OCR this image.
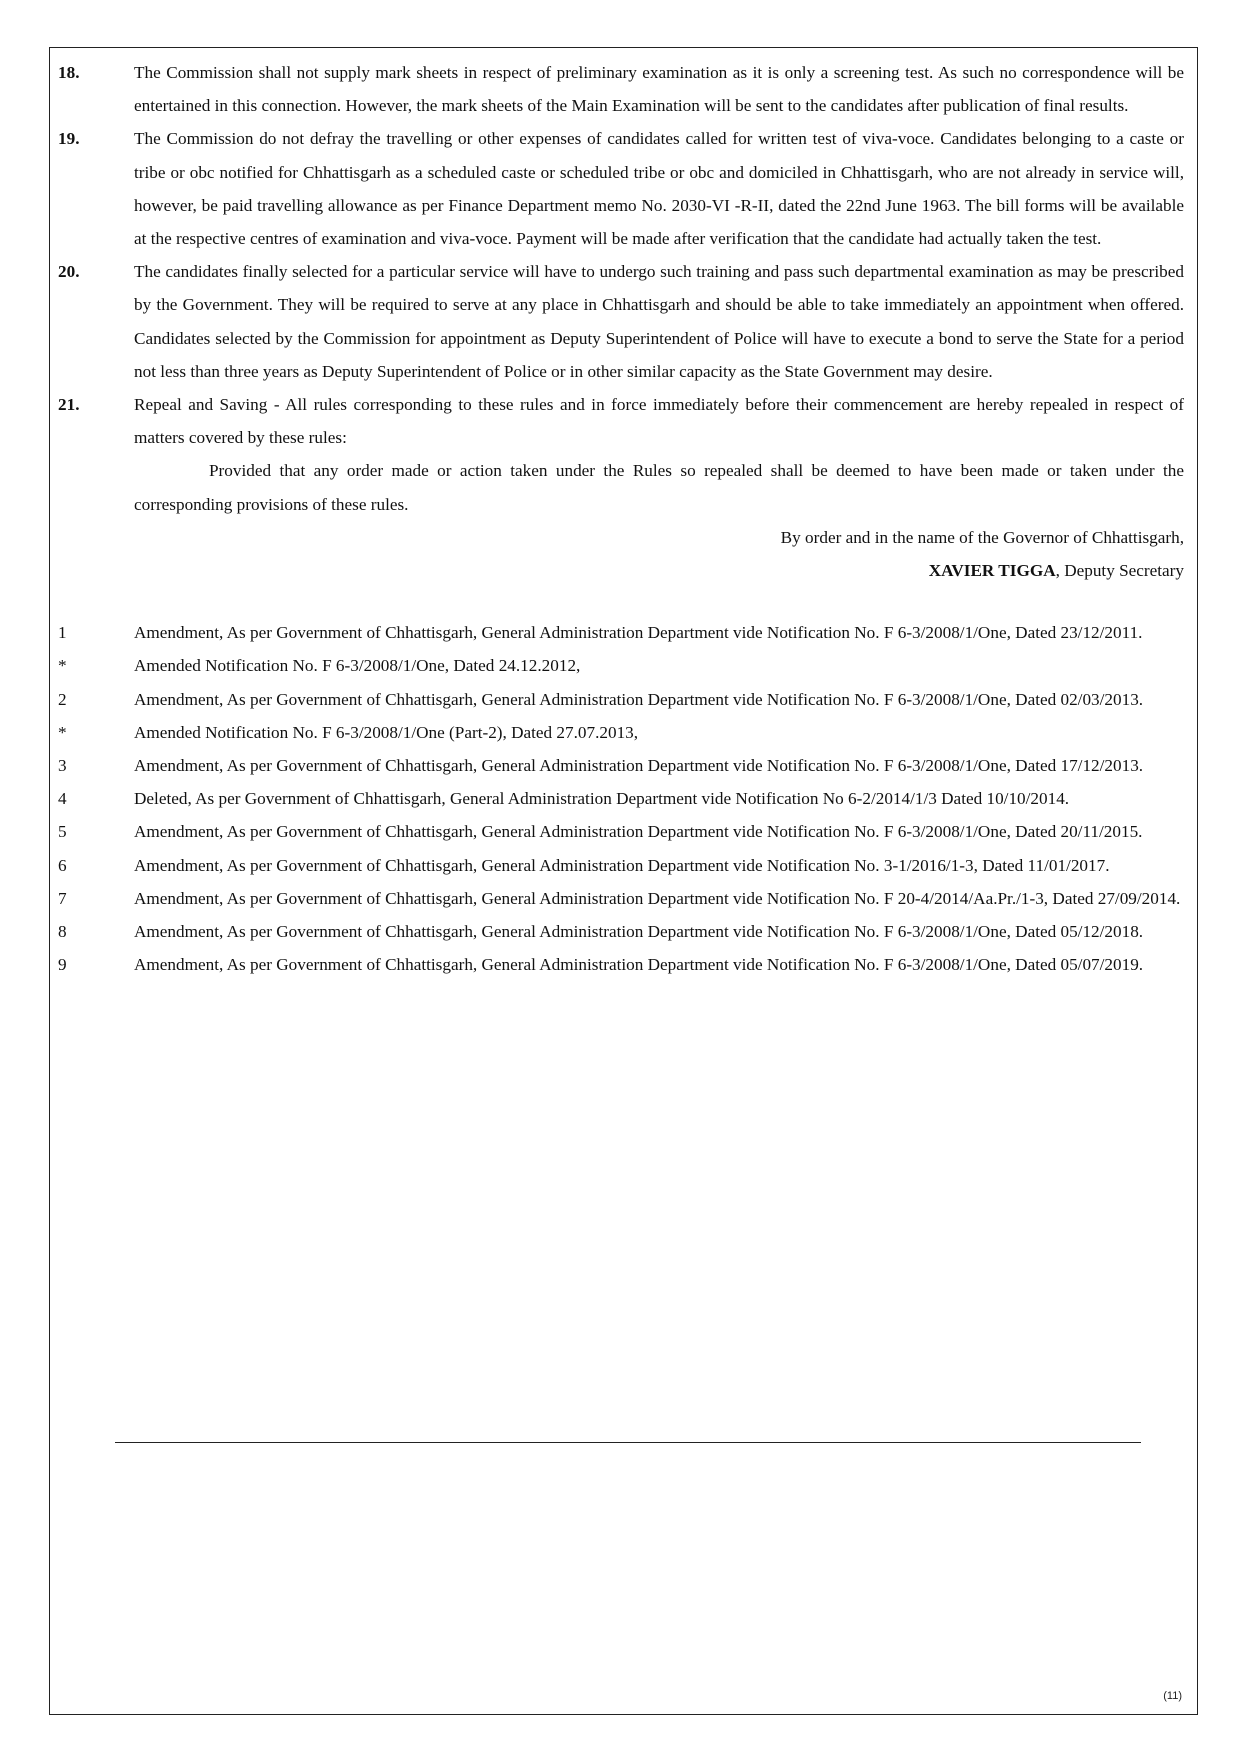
18.	The Commission shall not supply mark sheets in respect of preliminary examination as it is only a screening test. As such no correspondence will be entertained in this connection. However, the mark sheets of the Main Examination will be sent to the candidates after publication of final results.
19.	The Commission do not defray the travelling or other expenses of candidates called for written test of viva-voce. Candidates belonging to a caste or tribe or obc notified for Chhattisgarh as a scheduled caste or scheduled tribe or obc and domiciled in Chhattisgarh, who are not already in service will, however, be paid travelling allowance as per Finance Department memo No. 2030-VI -R-II, dated the 22nd June 1963. The bill forms will be available at the respective centres of examination and viva-voce. Payment will be made after verification that the candidate had actually taken the test.
20.	The candidates finally selected for a particular service will have to undergo such training and pass such departmental examination as may be prescribed by the Government. They will be required to serve at any place in Chhattisgarh and should be able to take immediately an appointment when offered. Candidates selected by the Commission for appointment as Deputy Superintendent of Police will have to execute a bond to serve the State for a period not less than three years as Deputy Superintendent of Police or in other similar capacity as the State Government may desire.
21.	Repeal and Saving - All rules corresponding to these rules and in force immediately before their commencement are hereby repealed in respect of matters covered by these rules:
Provided that any order made or action taken under the Rules so repealed shall be deemed to have been made or taken under the corresponding provisions of these rules.
By order and in the name of the Governor of Chhattisgarh,
XAVIER TIGGA, Deputy Secretary
1	Amendment, As per Government of Chhattisgarh, General Administration Department vide Notification No. F 6-3/2008/1/One, Dated 23/12/2011.
*	Amended Notification No. F 6-3/2008/1/One, Dated 24.12.2012,
2	Amendment, As per Government of Chhattisgarh, General Administration Department vide Notification No. F 6-3/2008/1/One, Dated 02/03/2013.
*	Amended Notification No. F 6-3/2008/1/One (Part-2), Dated 27.07.2013,
3	Amendment, As per Government of Chhattisgarh, General Administration Department vide Notification No. F 6-3/2008/1/One, Dated 17/12/2013.
4	Deleted, As per Government of Chhattisgarh, General Administration Department vide Notification No 6-2/2014/1/3 Dated 10/10/2014.
5	Amendment, As per Government of Chhattisgarh, General Administration Department vide Notification No. F 6-3/2008/1/One, Dated 20/11/2015.
6	Amendment, As per Government of Chhattisgarh, General Administration Department vide Notification No. 3-1/2016/1-3, Dated 11/01/2017.
7	Amendment, As per Government of Chhattisgarh, General Administration Department vide Notification No. F 20-4/2014/Aa.Pr./1-3, Dated 27/09/2014.
8	Amendment, As per Government of Chhattisgarh, General Administration Department vide Notification No. F 6-3/2008/1/One, Dated 05/12/2018.
9	Amendment, As per Government of Chhattisgarh, General Administration Department vide Notification No. F 6-3/2008/1/One, Dated 05/07/2019.
(11)
